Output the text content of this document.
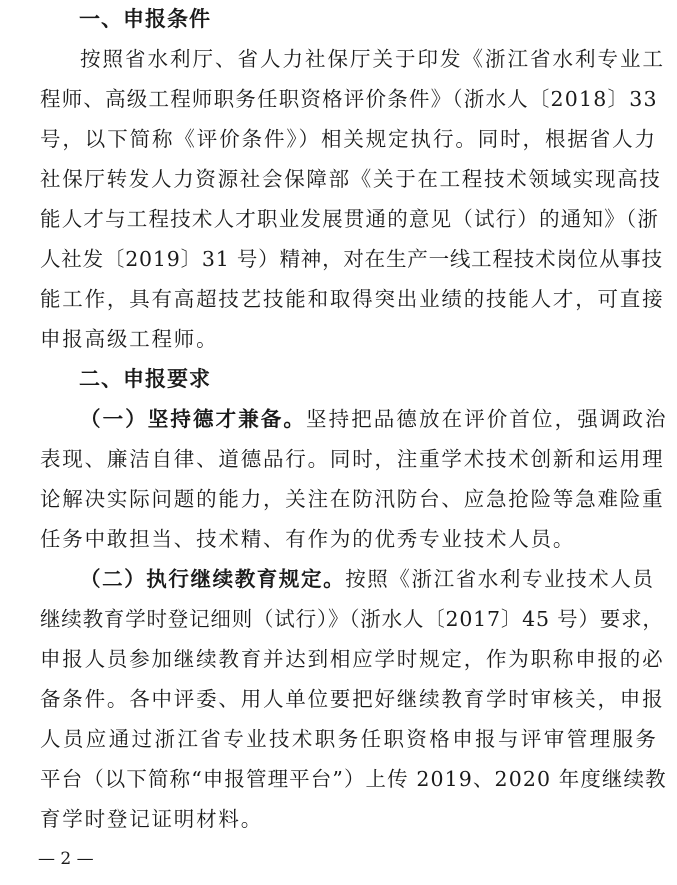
一、申报条件
按照省水利厅、省人力社保厅关于印发《浙江省水利专业工
程师、高级工程师职务任职资格评价条件》（浙水人〔2018〕33
号，以下简称《评价条件》）相关规定执行。同时，根据省人力
社保厅转发人力资源社会保障部《关于在工程技术领域实现高技
能人才与工程技术人才职业发展贯通的意见（试行）的通知》（浙
人社发〔2019〕31 号）精神，对在生产一线工程技术岗位从事技
能工作，具有高超技艺技能和取得突出业绩的技能人才，可直接
申报高级工程师。
二、申报要求
（一）坚持德才兼备。坚持把品德放在评价首位，强调政治
表现、廉洁自律、道德品行。同时，注重学术技术创新和运用理
论解决实际问题的能力，关注在防汛防台、应急抢险等急难险重
任务中敢担当、技术精、有作为的优秀专业技术人员。
（二）执行继续教育规定。按照《浙江省水利专业技术人员
继续教育学时登记细则（试行）》（浙水人〔2017〕45 号）要求，
申报人员参加继续教育并达到相应学时规定，作为职称申报的必
备条件。各中评委、用人单位要把好继续教育学时审核关，申报
人员应通过浙江省专业技术职务任职资格申报与评审管理服务
平台（以下简称“申报管理平台”）上传 2019、2020 年度继续教
育学时登记证明材料。
— 2 —
